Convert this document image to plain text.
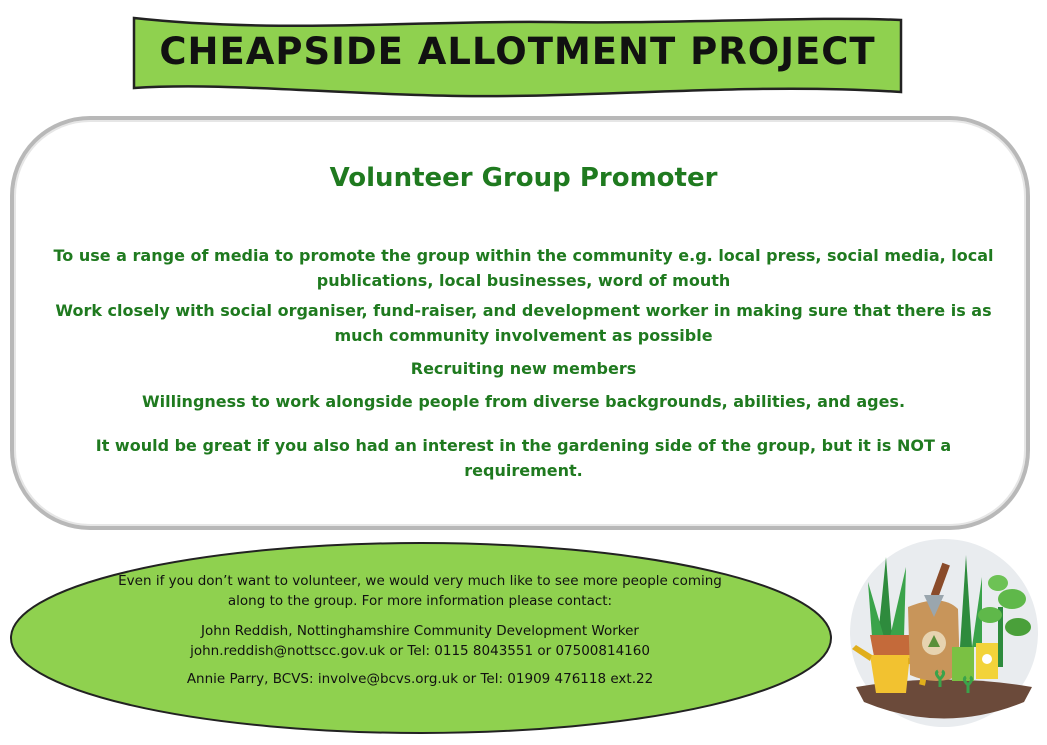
CHEAPSIDE ALLOTMENT PROJECT
Volunteer Group Promoter

To use a range of media to promote the group within the community e.g. local press, social media, local publications, local businesses, word of mouth

Work closely with social organiser, fund-raiser, and development worker in making sure that there is as much community involvement as possible

Recruiting new members

Willingness to work alongside people from diverse backgrounds, abilities, and ages.

It would be great if you also had an interest in the gardening side of the group, but it is NOT a requirement.

Even if you don’t want to volunteer, we would very much like to see more people coming along to the group. For more information please contact:

John Reddish, Nottinghamshire Community Development Worker john.reddish@nottscc.gov.uk or Tel: 0115 8043551 or 07500814160

Annie Parry, BCVS: involve@bcvs.org.uk or Tel: 01909 476118 ext.22
